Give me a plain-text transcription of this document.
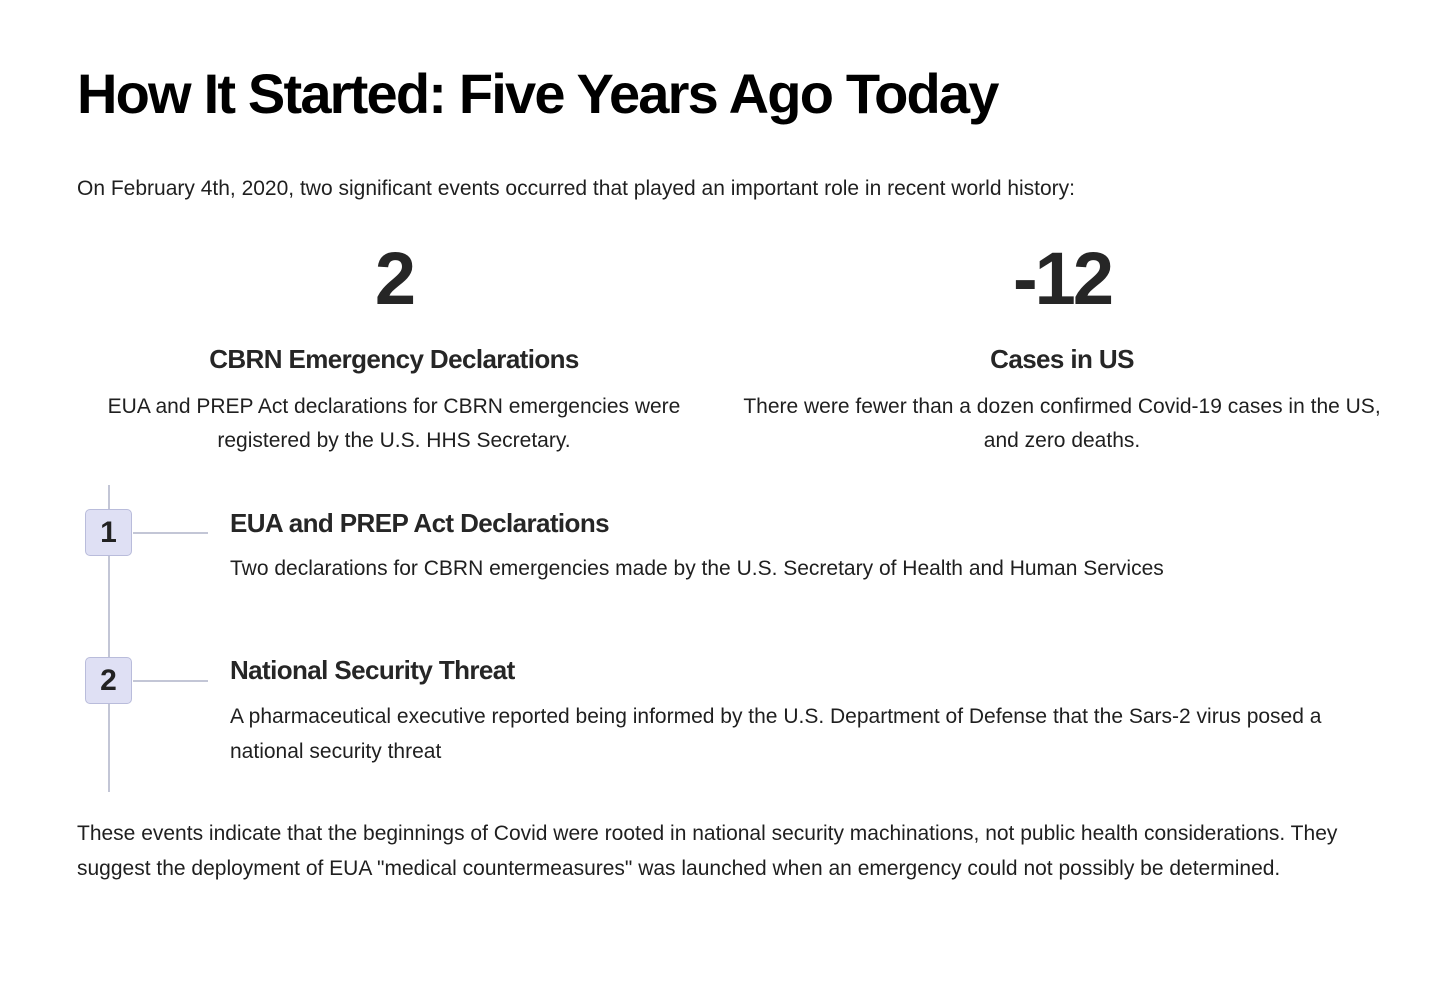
How It Started: Five Years Ago Today

On February 4th, 2020, two significant events occurred that played an important role in recent world history:

2
CBRN Emergency Declarations
EUA and PREP Act declarations for CBRN emergencies were registered by the U.S. HHS Secretary.
-12
Cases in US
There were fewer than a dozen confirmed Covid-19 cases in the US, and zero deaths.
1	EUA and PREP Act Declarations

Two declarations for CBRN emergencies made by the U.S. Secretary of Health and Human Services

2	National Security Threat

A pharmaceutical executive reported being informed by the U.S. Department of Defense that the Sars-2 virus posed a national security threat

These events indicate that the beginnings of Covid were rooted in national security machinations, not public health considerations. They suggest the deployment of EUA "medical countermeasures" was launched when an emergency could not possibly be determined.
